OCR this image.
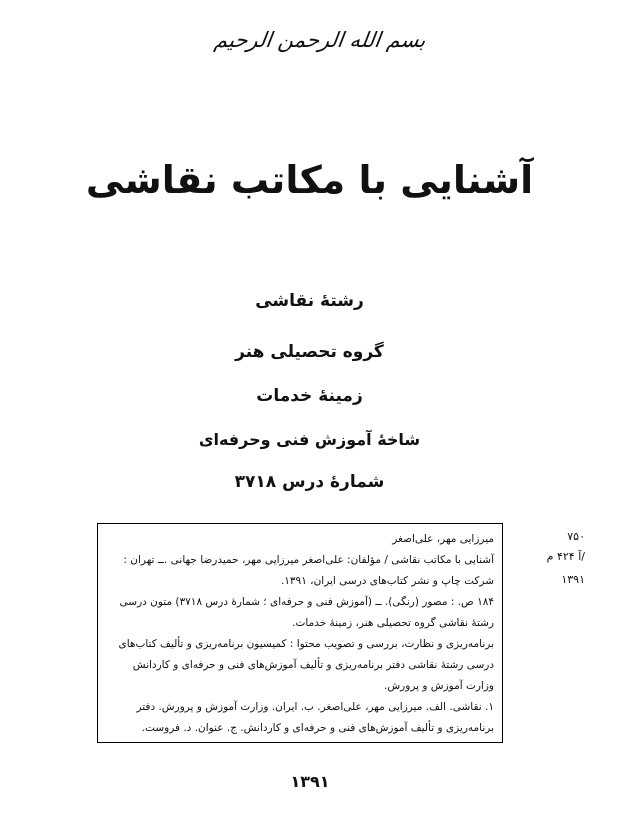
بسم الله الرحمن الرحیم
آشنایی با مکاتب نقاشی
رشتۀ نقاشی
گروه تحصیلی هنر
زمینۀ خدمات
شاخۀ آموزش فنی وحرفه‌ای
شمارۀ درس ۳۷۱۸
۷۵۰
آ ۴۲۴ م/
۱۳۹۱
میرزایی مهر، علی‌اصغر
آشنایی با مکاتب نقاشی / مؤلفان: علی‌اصغر میرزایی مهر، حمیدرضا جهانی .ــ تهران : شرکت چاپ و نشر کتاب‌های درسی ایران، ۱۳۹۱.
۱۸۴ ص. : مصور (رنگی). ــ (آموزش فنی و حرفه‌ای ؛ شمارۀ درس ۳۷۱۸) متون درسی رشتۀ نقاشی گروه تحصیلی هنر، زمینۀ خدمات.
برنامه‌ریزی و نظارت، بررسی و تصویب محتوا : کمیسیون برنامه‌ریزی و تألیف کتاب‌های درسی رشتۀ نقاشی دفتر برنامه‌ریزی و تألیف آموزش‌های فنی و حرفه‌ای و کاردانش وزارت آموزش و پرورش.
۱. نقاشی. الف. میرزایی مهر، علی‌اصغر. ب. ایران. وزارت آموزش و پرورش. دفتر برنامه‌ریزی و تألیف آموزش‌های فنی و حرفه‌ای و کاردانش. ج. عنوان. د. فروست.
۱۳۹۱
